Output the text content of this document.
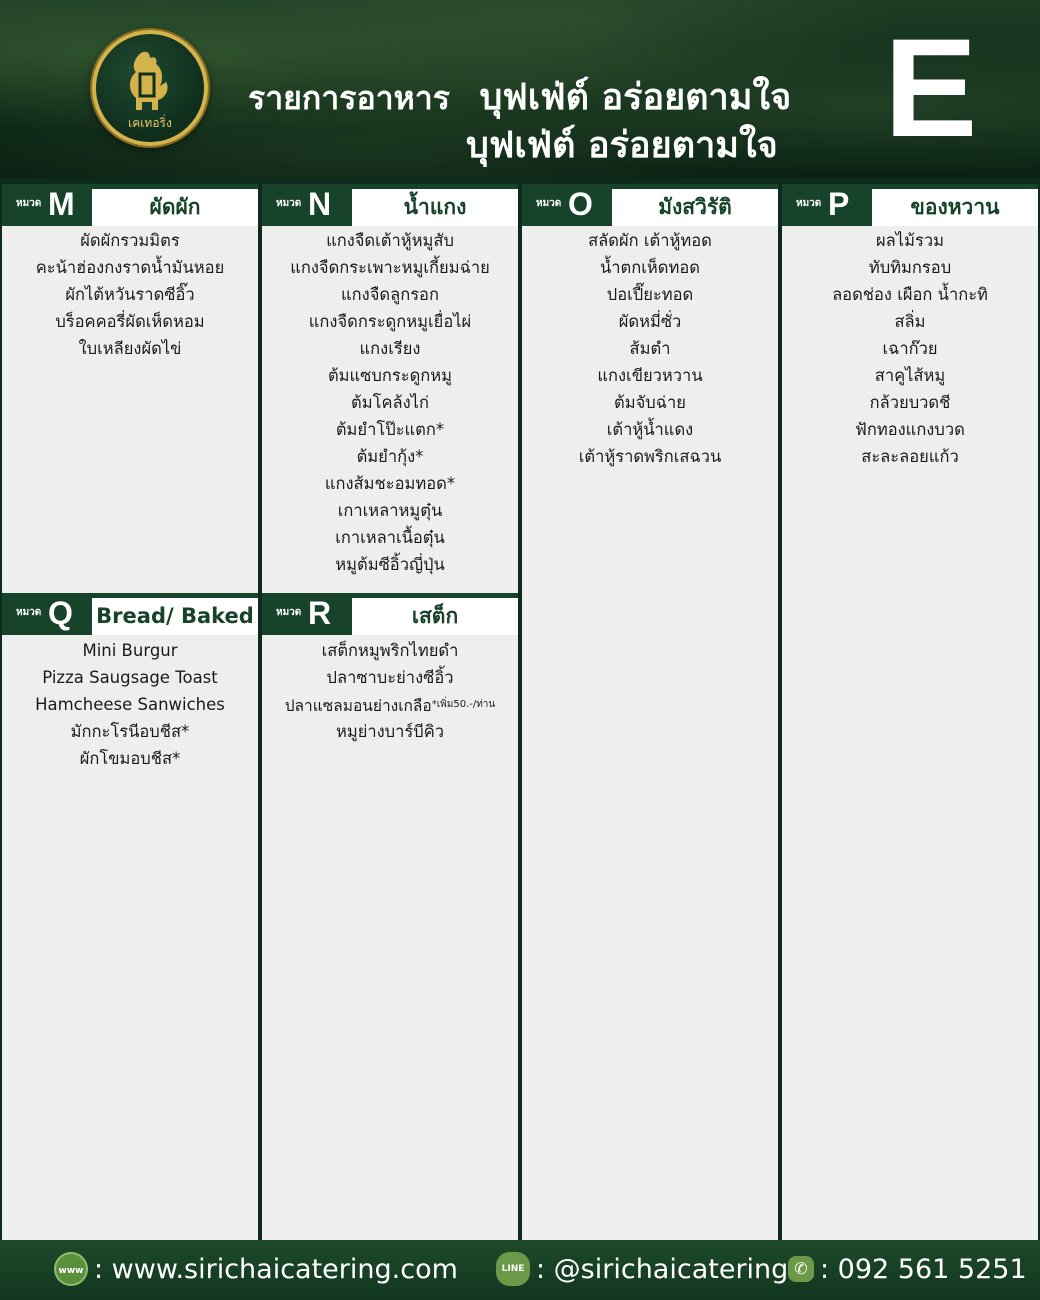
เคเทอริ่ง
รายการอาหาร บุฟเฟ่ต์ อร่อยตามใจ
บุฟเฟ่ต์ อร่อยตามใจ E
หมวด M	ผัดผัก
ผัดผักรวมมิตร
คะน้าฮ่องกงราดน้ำมันหอย
ผักไต้หวันราดซีอิ๊ว
บร็อคคอรี่ผัดเห็ดหอม
ใบเหลียงผัดไข่
หมวด Q Bread/ Baked
Mini Burgur
Pizza Saugsage Toast
Hamcheese Sanwiches
มักกะโรนีอบชีส*
ผักโขมอบชีส*
หมวด N	น้ำแกง
แกงจืดเต้าหู้หมูสับ
แกงจืดกระเพาะหมูเกี้ยมฉ่าย
แกงจืดลูกรอก
แกงจืดกระดูกหมูเยื่อไผ่
แกงเรียง
ต้มแซบกระดูกหมู
ต้มโคล้งไก่
ต้มยำโป๊ะแตก*
ต้มยำกุ้ง*
แกงส้มชะอมทอด*
เกาเหลาหมูตุ๋น
เกาเหลาเนื้อตุ๋น
หมูต้มซีอิ้วญี่ปุ่น
หมวด R	เสต็ก
เสต็กหมูพริกไทยดำ
ปลาซาบะย่างซีอิ้ว
ปลาแซลมอนย่างเกลือ$^{*เพิ่ม50.-/ท่าน}$
หมูย่างบาร์บีคิว
หมวด O	มังสวิรัติ
สลัดผัก เต้าหู้ทอด
น้ำตกเห็ดทอด
ปอเปี๊ยะทอด
ผัดหมี่ซั่ว
ส้มตำ
แกงเขียวหวาน
ต้มจับฉ่าย
เต้าหู้น้ำแดง
เต้าหู้ราดพริกเสฉวน
หมวด P	ของหวาน
ผลไม้รวม
ทับทิมกรอบ
ลอดช่อง เผือก น้ำกะทิ
สลิ่ม
เฉาก๊วย
สาคูไส้หมู
กล้วยบวดชี
ฟักทองแกงบวด
สะละลอยแก้ว
www : www.sirichaicatering.com	LINE : @sirichaicatering ✆ : 092 561 5251
